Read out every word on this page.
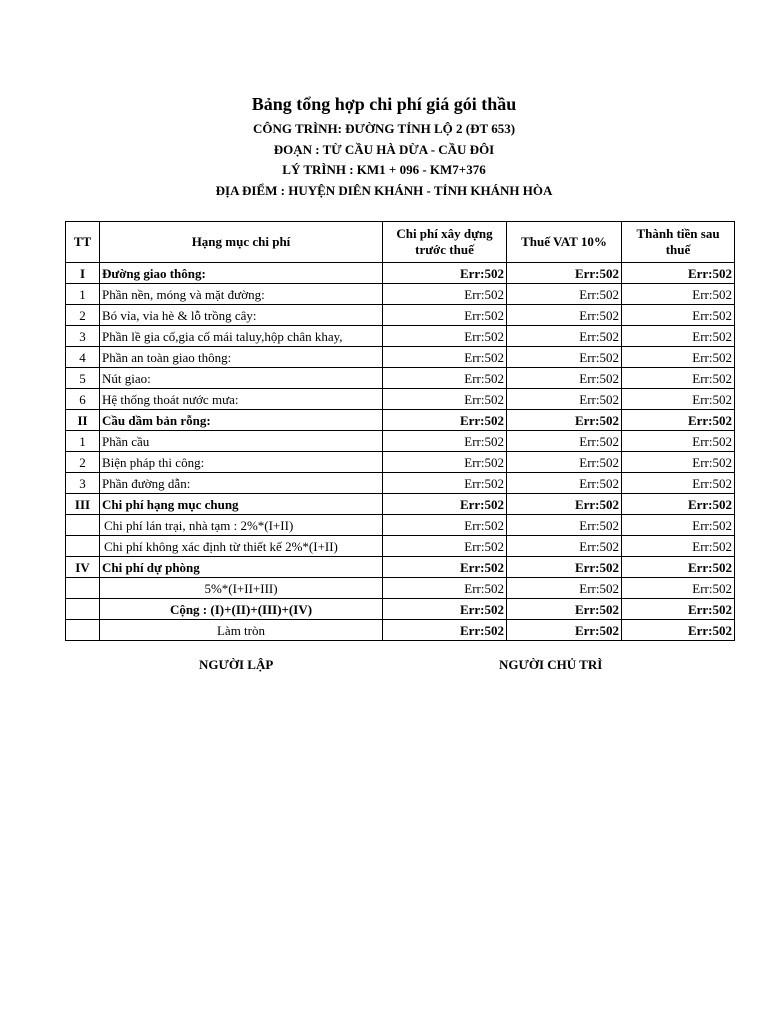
Bảng tổng hợp chi phí giá gói thầu
CÔNG TRÌNH: ĐƯỜNG TỈNH LỘ 2 (ĐT 653)
ĐOẠN : TỪ CẦU HÀ DỪA - CẦU ĐÔI
LÝ TRÌNH : KM1 + 096 - KM7+376
ĐỊA ĐIỂM : HUYỆN DIÊN KHÁNH - TỈNH KHÁNH HÒA
TT	Hạng mục chi phí	Chi phí xây dựng trước thuế	Thuế VAT 10%	Thành tiền sau thuế
I	Đường giao thông:	Err:502	Err:502	Err:502
1	Phần nền, móng và mặt đường:	Err:502	Err:502	Err:502
2	Bó vỉa, vỉa hè & lỗ trồng cây:	Err:502	Err:502	Err:502
3	Phần lề gia cố,gia cố mái taluy,hộp chân khay,	Err:502	Err:502	Err:502
4	Phần an toàn giao thông:	Err:502	Err:502	Err:502
5	Nút giao:	Err:502	Err:502	Err:502
6	Hệ thống thoát nước mưa:	Err:502	Err:502	Err:502
II	Cầu dầm bản rỗng:	Err:502	Err:502	Err:502
1	Phần cầu	Err:502	Err:502	Err:502
2	Biện pháp thi công:	Err:502	Err:502	Err:502
3	Phần đường dẫn:	Err:502	Err:502	Err:502
III	Chi phí hạng mục chung	Err:502	Err:502	Err:502
	Chi phí lán trại, nhà tạm : 2%*(I+II)	Err:502	Err:502	Err:502
	Chi phí không xác định từ thiết kế 2%*(I+II)	Err:502	Err:502	Err:502
IV	Chi phí dự phòng	Err:502	Err:502	Err:502
	5%*(I+II+III)	Err:502	Err:502	Err:502
	Cộng : (I)+(II)+(III)+(IV)	Err:502	Err:502	Err:502
	Làm tròn	Err:502	Err:502	Err:502
NGƯỜI LẬP	NGƯỜI CHỦ TRÌ
